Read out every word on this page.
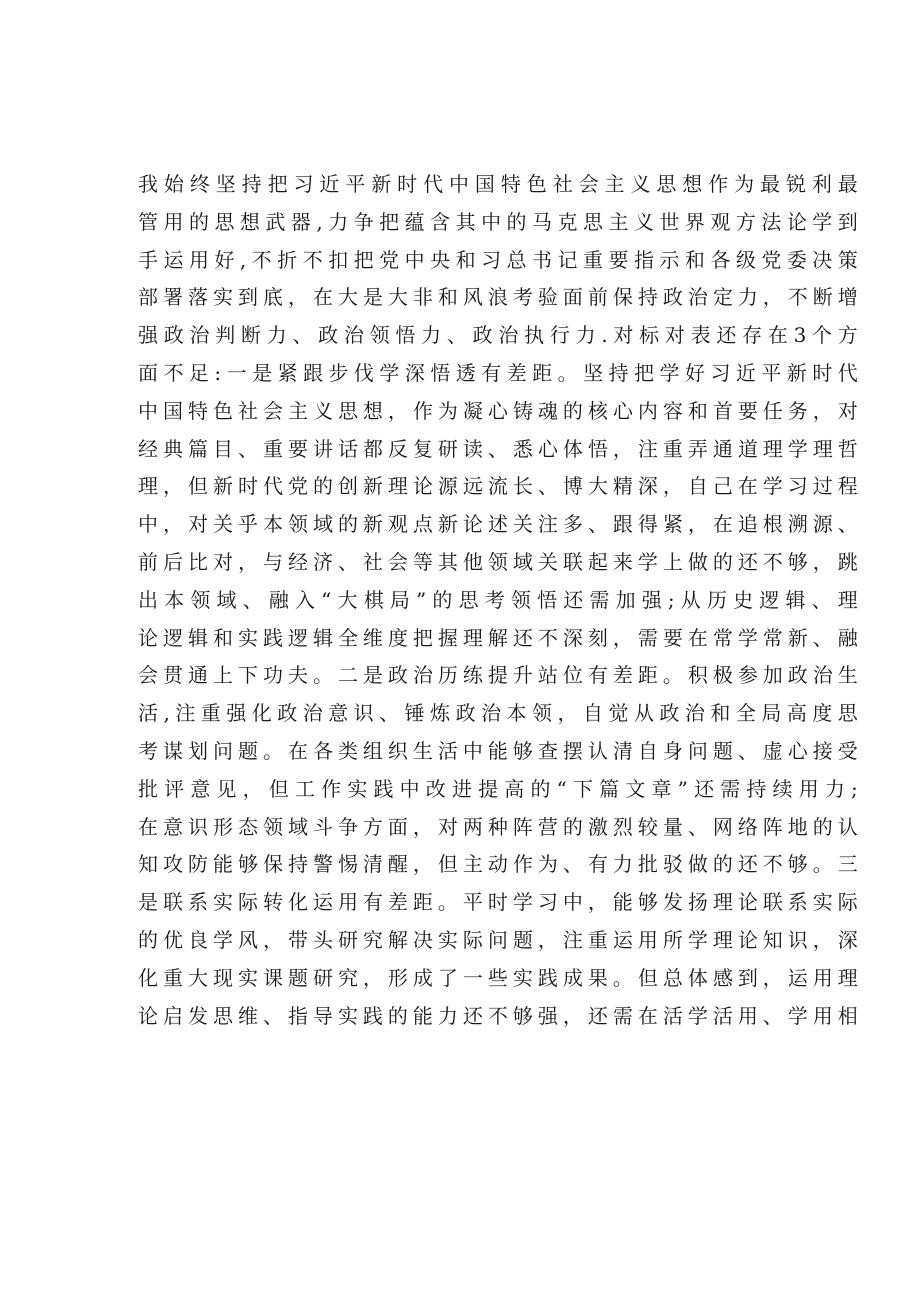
我始终坚持把习近平新时代中国特色社会主义思想作为最锐利最
管用的思想武器,力争把蕴含其中的马克思主义世界观方法论学到
手运用好,不折不扣把党中央和习总书记重要指示和各级党委决策
部署落实到底，在大是大非和风浪考验面前保持政治定力，不断增
强政治判断力、政治领悟力、政治执行力.对标对表还存在3个方
面不足:一是紧跟步伐学深悟透有差距。坚持把学好习近平新时代
中国特色社会主义思想，作为凝心铸魂的核心内容和首要任务，对
经典篇目、重要讲话都反复研读、悉心体悟，注重弄通道理学理哲
理，但新时代党的创新理论源远流长、博大精深，自己在学习过程
中，对关乎本领域的新观点新论述关注多、跟得紧，在追根溯源、
前后比对，与经济、社会等其他领域关联起来学上做的还不够，跳
出本领域、融入“大棋局”的思考领悟还需加强;从历史逻辑、理
论逻辑和实践逻辑全维度把握理解还不深刻，需要在常学常新、融
会贯通上下功夫。二是政治历练提升站位有差距。积极参加政治生
活,注重强化政治意识、锤炼政治本领，自觉从政治和全局高度思
考谋划问题。在各类组织生活中能够查摆认清自身问题、虚心接受
批评意见，但工作实践中改进提高的“下篇文章”还需持续用力;
在意识形态领域斗争方面，对两种阵营的激烈较量、网络阵地的认
知攻防能够保持警惕清醒，但主动作为、有力批驳做的还不够。三
是联系实际转化运用有差距。平时学习中，能够发扬理论联系实际
的优良学风，带头研究解决实际问题，注重运用所学理论知识，深
化重大现实课题研究，形成了一些实践成果。但总体感到，运用理
论启发思维、指导实践的能力还不够强，还需在活学活用、学用相
